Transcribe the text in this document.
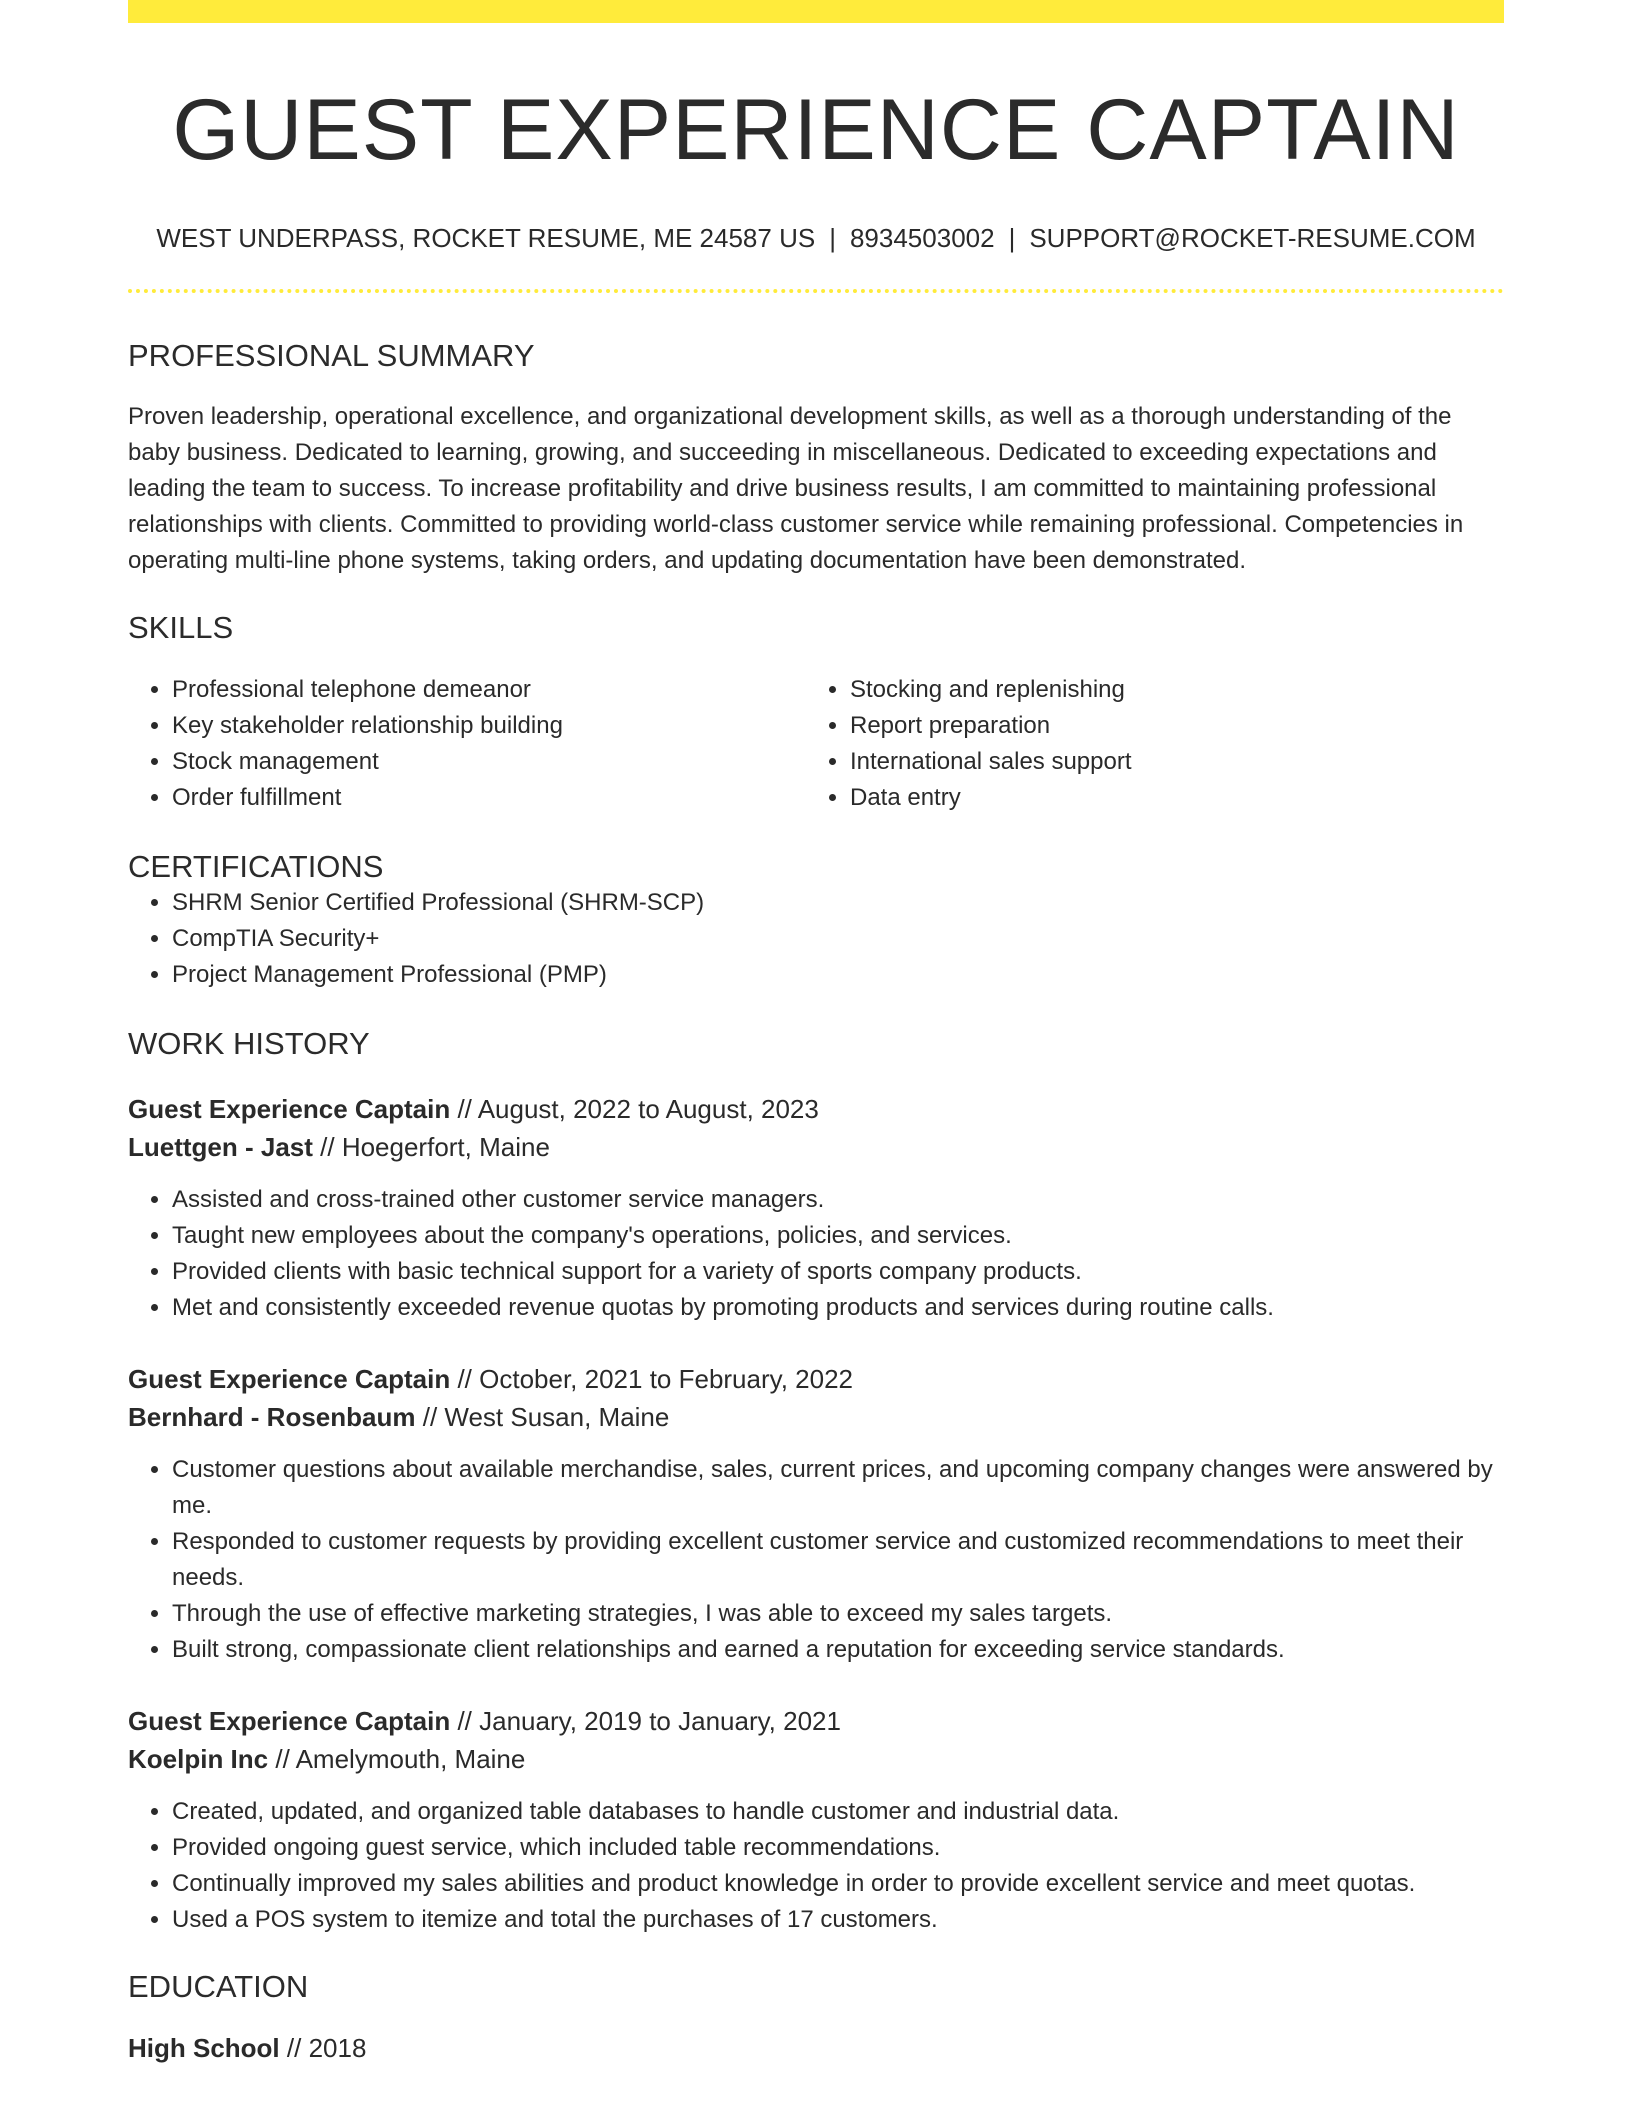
GUEST EXPERIENCE CAPTAIN
WEST UNDERPASS, ROCKET RESUME, ME 24587 US | 8934503002 | SUPPORT@ROCKET-RESUME.COM
PROFESSIONAL SUMMARY

Proven leadership, operational excellence, and organizational development skills, as well as a thorough understanding of the baby business. Dedicated to learning, growing, and succeeding in miscellaneous. Dedicated to exceeding expectations and leading the team to success. To increase profitability and drive business results, I am committed to maintaining professional relationships with clients. Committed to providing world-class customer service while remaining professional. Competencies in operating multi-line phone systems, taking orders, and updating documentation have been demonstrated.

SKILLS
• Professional telephone demeanor
• Key stakeholder relationship building
• Stock management
• Order fulfillment
• Stocking and replenishing
• Report preparation
• International sales support
• Data entry
CERTIFICATIONS
• SHRM Senior Certified Professional (SHRM-SCP)
• CompTIA Security+
• Project Management Professional (PMP)
WORK HISTORY
Guest Experience Captain // August, 2022 to August, 2023
Luettgen - Jast // Hoegerfort, Maine
• Assisted and cross-trained other customer service managers.
• Taught new employees about the company's operations, policies, and services.
• Provided clients with basic technical support for a variety of sports company products.
• Met and consistently exceeded revenue quotas by promoting products and services during routine calls.
Guest Experience Captain // October, 2021 to February, 2022
Bernhard - Rosenbaum // West Susan, Maine
• Customer questions about available merchandise, sales, current prices, and upcoming company changes were answered by me.
• Responded to customer requests by providing excellent customer service and customized recommendations to meet their needs.
• Through the use of effective marketing strategies, I was able to exceed my sales targets.
• Built strong, compassionate client relationships and earned a reputation for exceeding service standards.
Guest Experience Captain // January, 2019 to January, 2021
Koelpin Inc // Amelymouth, Maine
• Created, updated, and organized table databases to handle customer and industrial data.
• Provided ongoing guest service, which included table recommendations.
• Continually improved my sales abilities and product knowledge in order to provide excellent service and meet quotas.
• Used a POS system to itemize and total the purchases of 17 customers.
EDUCATION
High School // 2018
